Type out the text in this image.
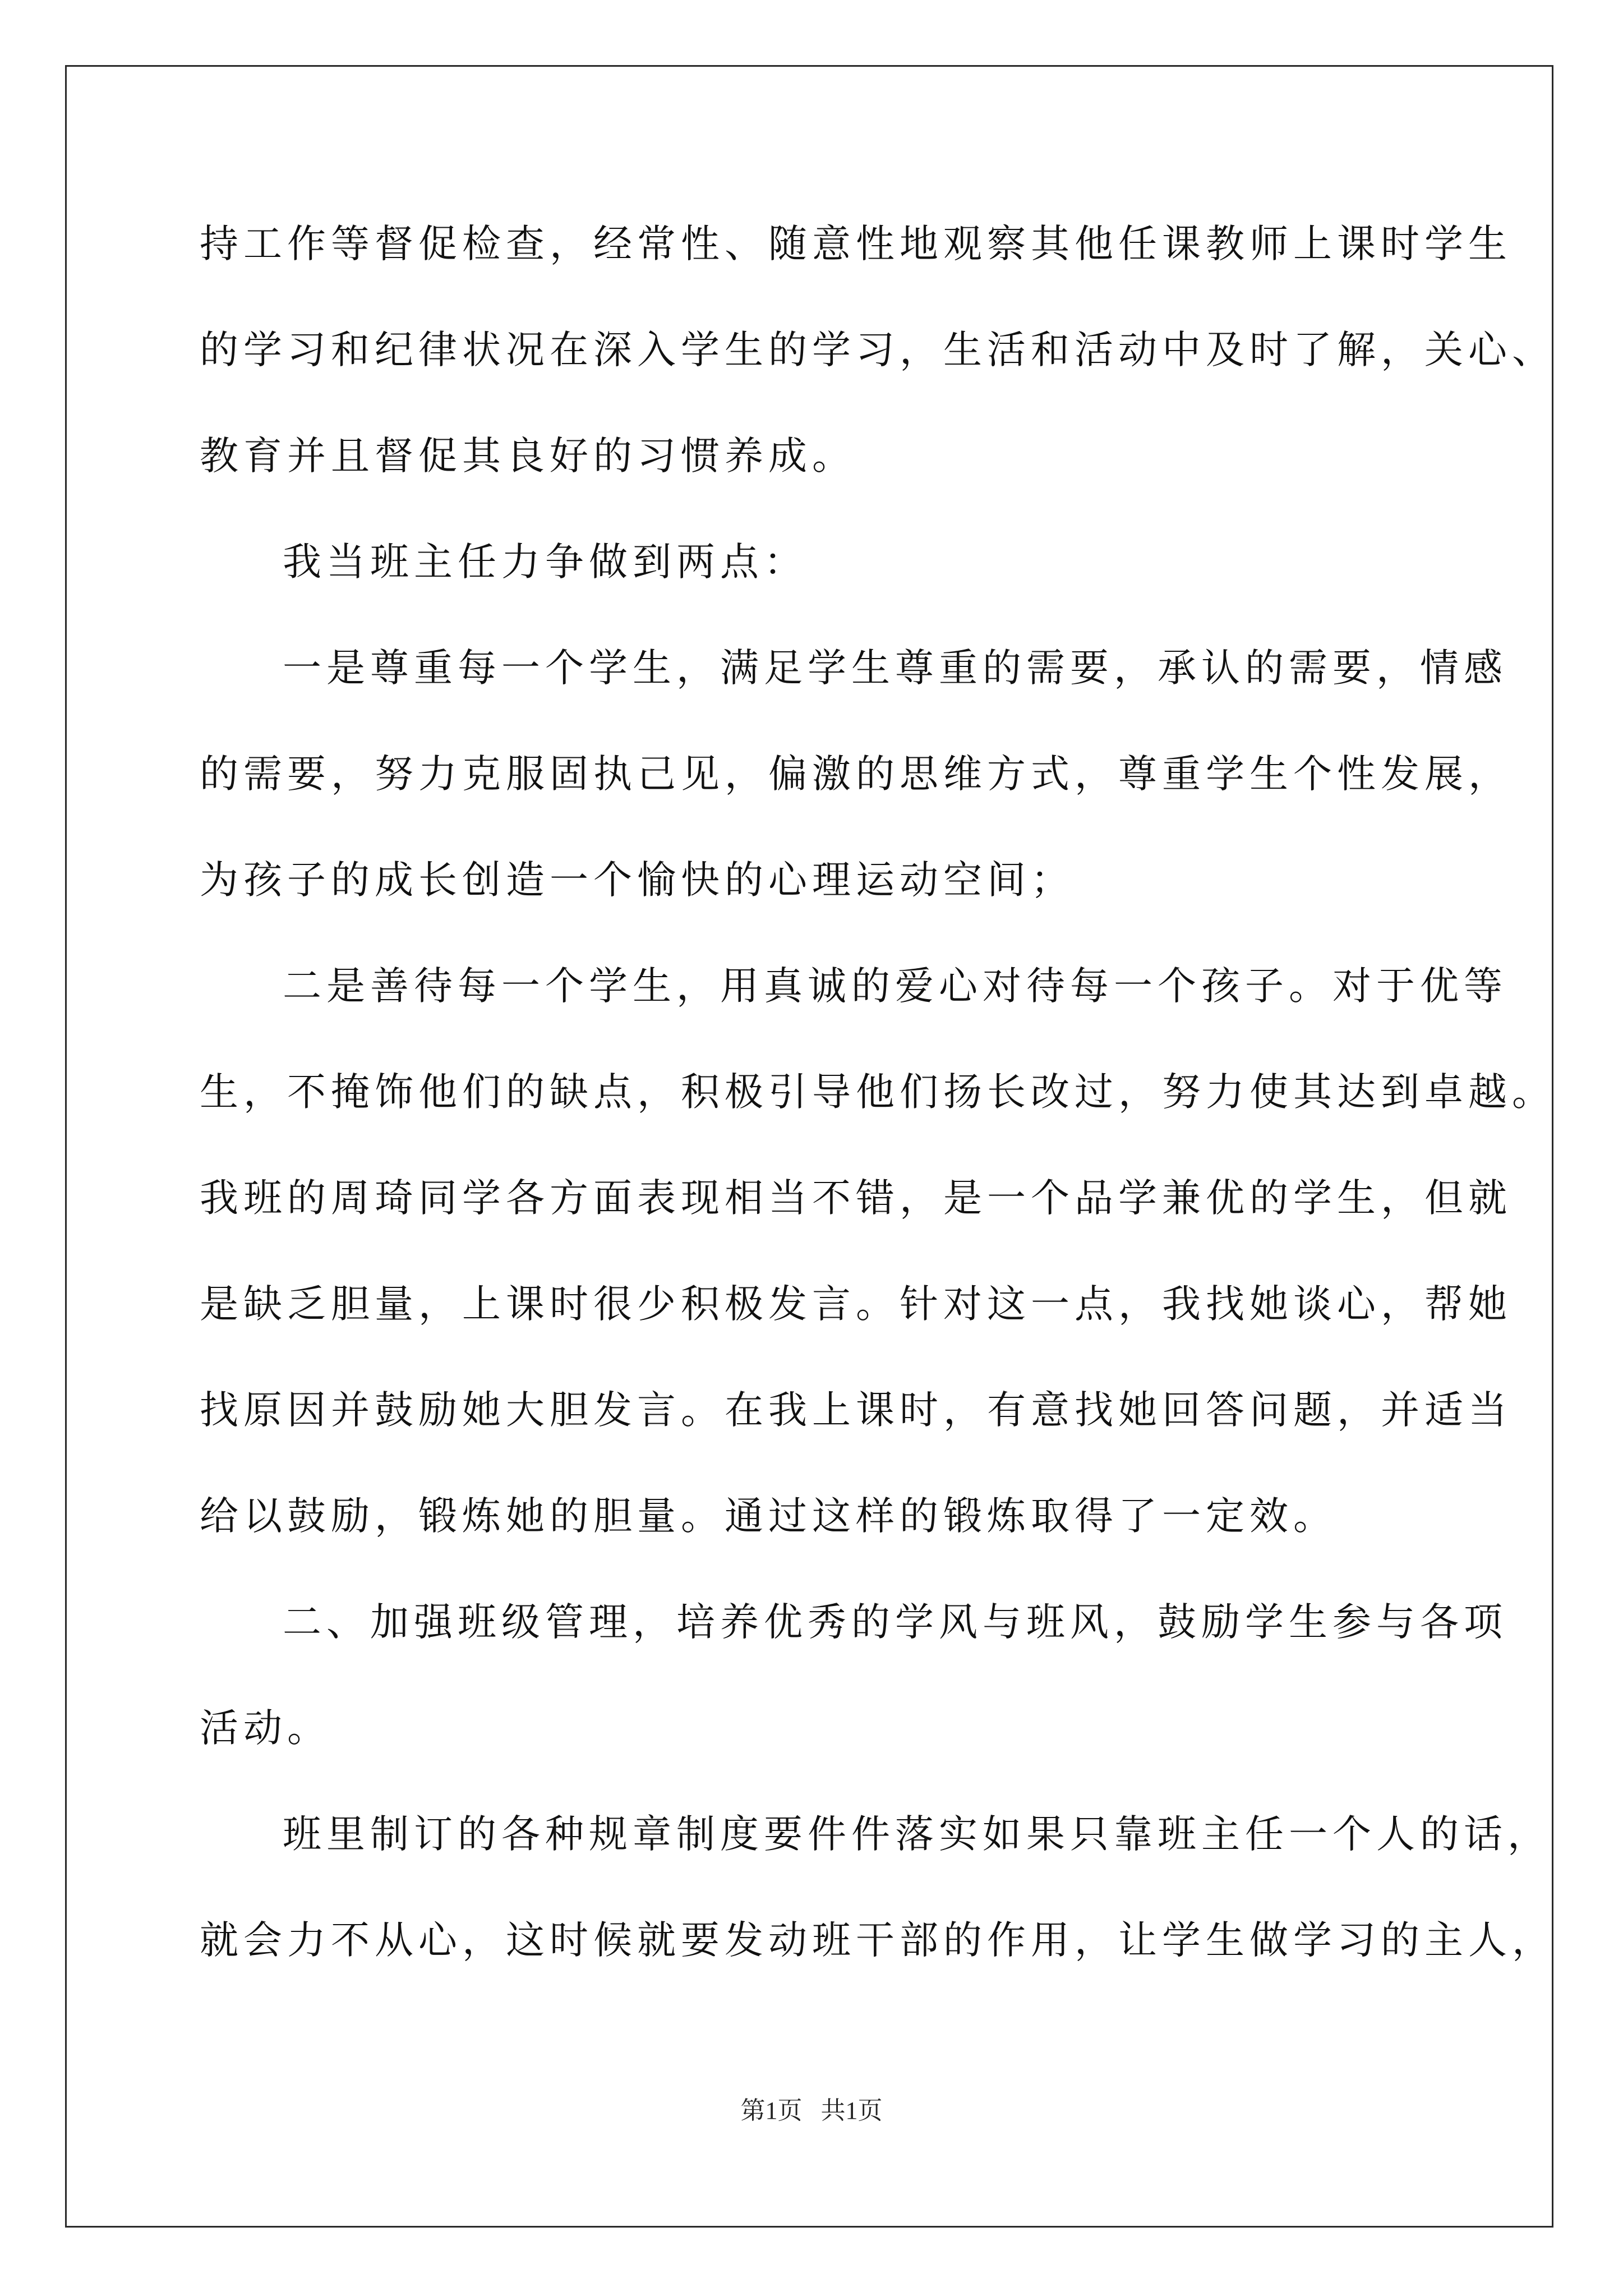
持工作等督促检查，经常性、随意性地观察其他任课教师上课时学生
的学习和纪律状况在深入学生的学习，生活和活动中及时了解，关心、
教育并且督促其良好的习惯养成。
我当班主任力争做到两点：
一是尊重每一个学生，满足学生尊重的需要，承认的需要，情感
的需要，努力克服固执己见，偏激的思维方式，尊重学生个性发展，
为孩子的成长创造一个愉快的心理运动空间；
二是善待每一个学生，用真诚的爱心对待每一个孩子。对于优等
生，不掩饰他们的缺点，积极引导他们扬长改过，努力使其达到卓越。
我班的周琦同学各方面表现相当不错，是一个品学兼优的学生，但就
是缺乏胆量，上课时很少积极发言。针对这一点，我找她谈心，帮她
找原因并鼓励她大胆发言。在我上课时，有意找她回答问题，并适当
给以鼓励，锻炼她的胆量。通过这样的锻炼取得了一定效。
二、加强班级管理，培养优秀的学风与班风，鼓励学生参与各项
活动。
班里制订的各种规章制度要件件落实如果只靠班主任一个人的话，
就会力不从心，这时候就要发动班干部的作用，让学生做学习的主人，
第1页   共1页
